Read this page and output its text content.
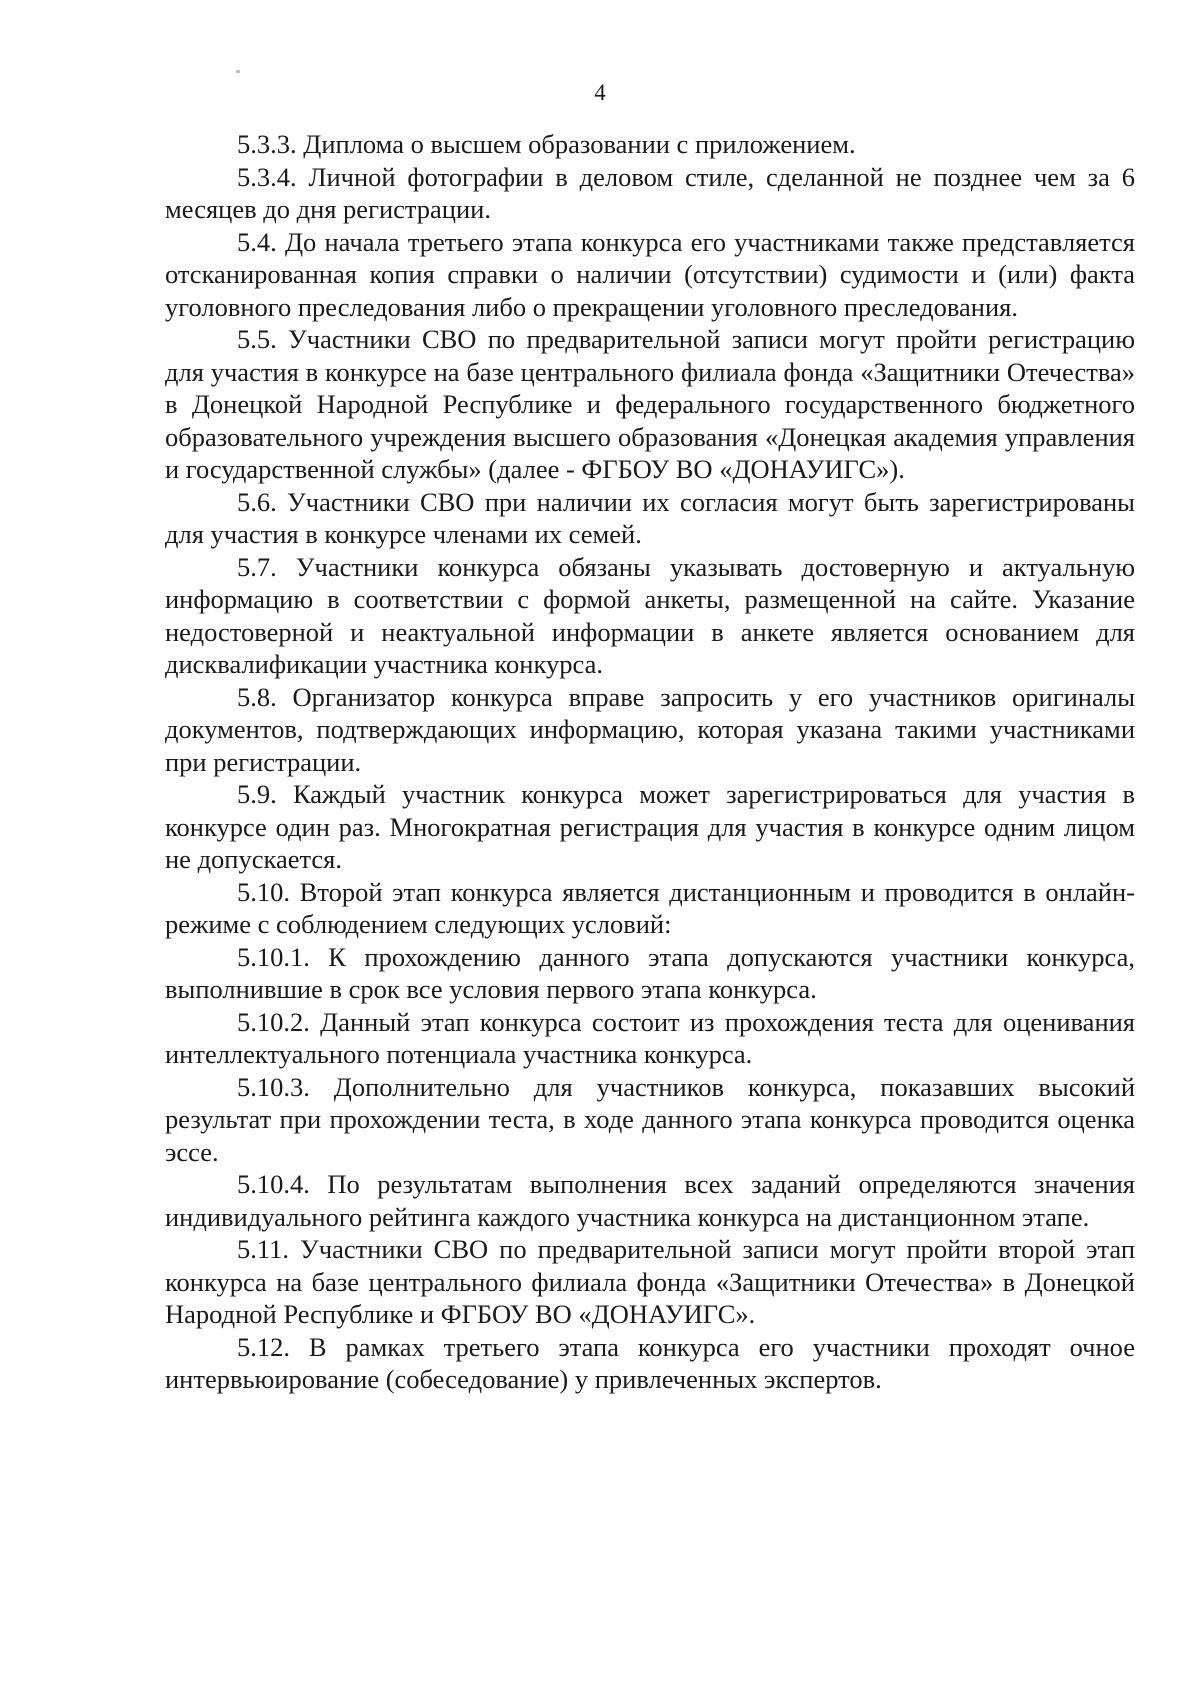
4

5.3.3. Диплома о высшем образовании с приложением.

5.3.4. Личной фотографии в деловом стиле, сделанной не позднее чем за 6 месяцев до дня регистрации.

5.4. До начала третьего этапа конкурса его участниками также представляется отсканированная копия справки о наличии (отсутствии) судимости и (или) факта уголовного преследования либо о прекращении уголовного преследования.

5.5. Участники СВО по предварительной записи могут пройти регистрацию для участия в конкурсе на базе центрального филиала фонда «Защитники Отечества» в Донецкой Народной Республике и федерального государственного бюджетного образовательного учреждения высшего образования «Донецкая академия управления и государственной службы» (далее - ФГБОУ ВО «ДОНАУИГС»).

5.6. Участники СВО при наличии их согласия могут быть зарегистрированы для участия в конкурсе членами их семей.

5.7. Участники конкурса обязаны указывать достоверную и актуальную информацию в соответствии с формой анкеты, размещенной на сайте. Указание недостоверной и неактуальной информации в анкете является основанием для дисквалификации участника конкурса.

5.8. Организатор конкурса вправе запросить у его участников оригиналы документов, подтверждающих информацию, которая указана такими участниками при регистрации.

5.9. Каждый участник конкурса может зарегистрироваться для участия в конкурсе один раз. Многократная регистрация для участия в конкурсе одним лицом не допускается.

5.10. Второй этап конкурса является дистанционным и проводится в онлайн-режиме с соблюдением следующих условий:

5.10.1. К прохождению данного этапа допускаются участники конкурса, выполнившие в срок все условия первого этапа конкурса.

5.10.2. Данный этап конкурса состоит из прохождения теста для оценивания интеллектуального потенциала участника конкурса.

5.10.3. Дополнительно для участников конкурса, показавших высокий результат при прохождении теста, в ходе данного этапа конкурса проводится оценка эссе.

5.10.4. По результатам выполнения всех заданий определяются значения индивидуального рейтинга каждого участника конкурса на дистанционном этапе.

5.11. Участники СВО по предварительной записи могут пройти второй этап конкурса на базе центрального филиала фонда «Защитники Отечества» в Донецкой Народной Республике и ФГБОУ ВО «ДОНАУИГС».

5.12. В рамках третьего этапа конкурса его участники проходят очное интервьюирование (собеседование) у привлеченных экспертов.
